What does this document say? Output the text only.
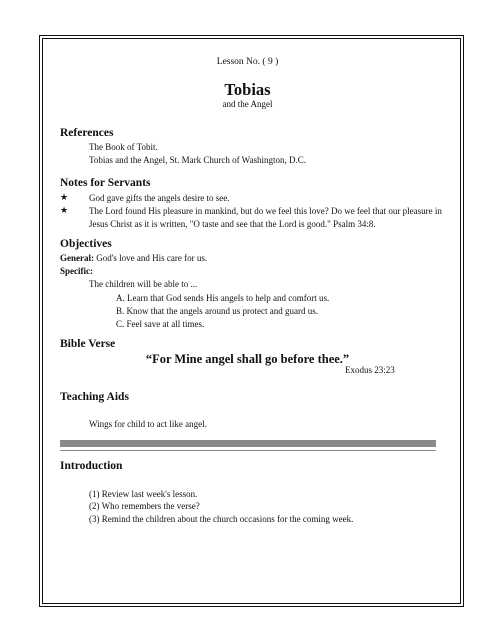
Lesson No. ( 9 )
Tobias
and the Angel
References
The Book of Tobit.
Tobias and the Angel, St. Mark Church of Washington, D.C.
Notes for Servants
★ God gave gifts the angels desire to see.
★ The Lord found His pleasure in mankind, but do we feel this love? Do we feel that our pleasure in Jesus Christ as it is written, "O taste and see that the Lord is good." Psalm 34:8.
Objectives
General: God's love and His care for us.
Specific:
The children will be able to ...
A. Learn that God sends His angels to help and comfort us.
B. Know that the angels around us protect and guard us.
C. Feel save at all times.
Bible Verse
“For Mine angel shall go before thee.”
Exodus 23:23
Teaching Aids
Wings for child to act like angel.
Introduction
(1) Review last week's lesson.
(2) Who remembers the verse?
(3) Remind the children about the church occasions for the coming week.
